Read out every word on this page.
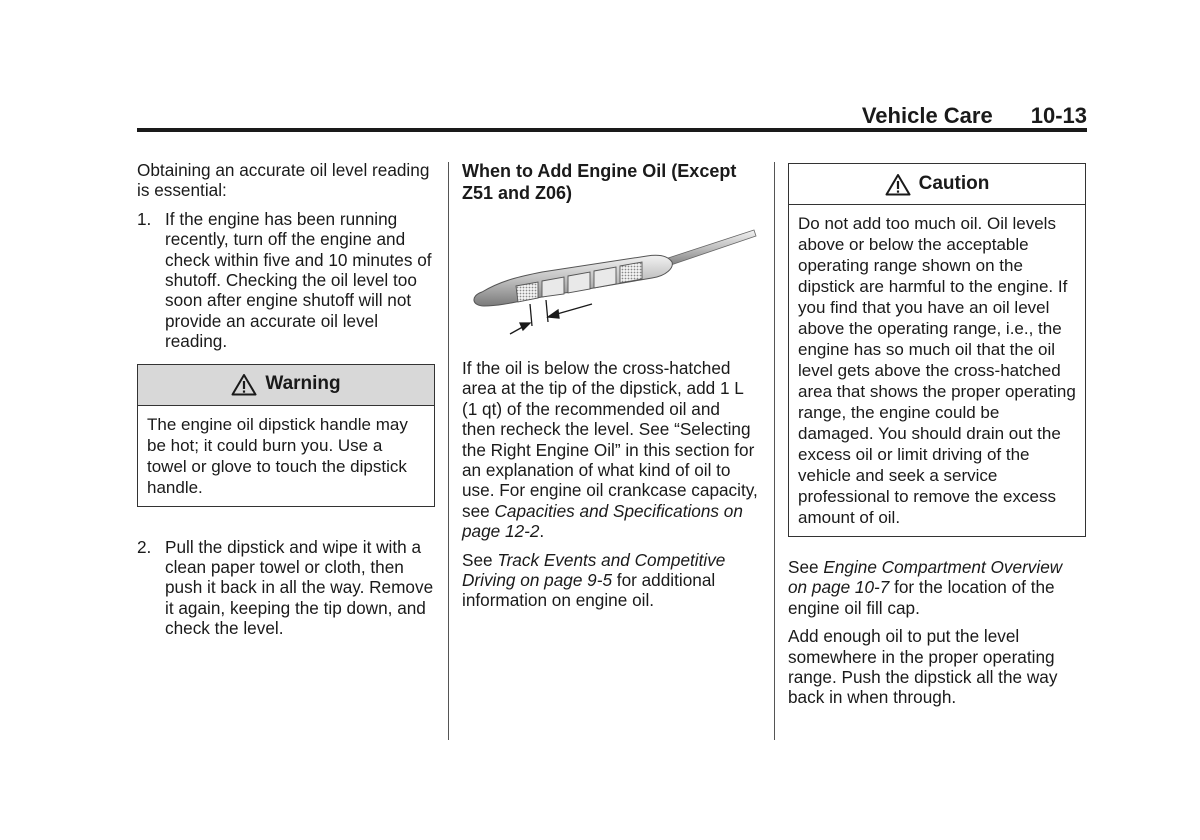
Vehicle Care 10-13

Obtaining an accurate oil level reading is essential:

1. If the engine has been running recently, turn off the engine and check within five and 10 minutes of shutoff. Checking the oil level too soon after engine shutoff will not provide an accurate oil level reading.
Warning
The engine oil dipstick handle may be hot; it could burn you. Use a towel or glove to touch the dipstick handle.
2. Pull the dipstick and wipe it with a clean paper towel or cloth, then push it back in all the way. Remove it again, keeping the tip down, and check the level.
When to Add Engine Oil (Except Z51 and Z06)

If the oil is below the cross-hatched area at the tip of the dipstick, add 1 L (1 qt) of the recommended oil and then recheck the level. See “Selecting the Right Engine Oil” in this section for an explanation of what kind of oil to use. For engine oil crankcase capacity, see Capacities and Specifications on page 12-2.

See Track Events and Competitive Driving on page 9-5 for additional information on engine oil.

Caution
Do not add too much oil. Oil levels above or below the acceptable operating range shown on the dipstick are harmful to the engine. If you find that you have an oil level above the operating range, i.e., the engine has so much oil that the oil level gets above the cross-hatched area that shows the proper operating range, the engine could be damaged. You should drain out the excess oil or limit driving of the vehicle and seek a service professional to remove the excess amount of oil.

See Engine Compartment Overview on page 10-7 for the location of the engine oil fill cap.

Add enough oil to put the level somewhere in the proper operating range. Push the dipstick all the way back in when through.
